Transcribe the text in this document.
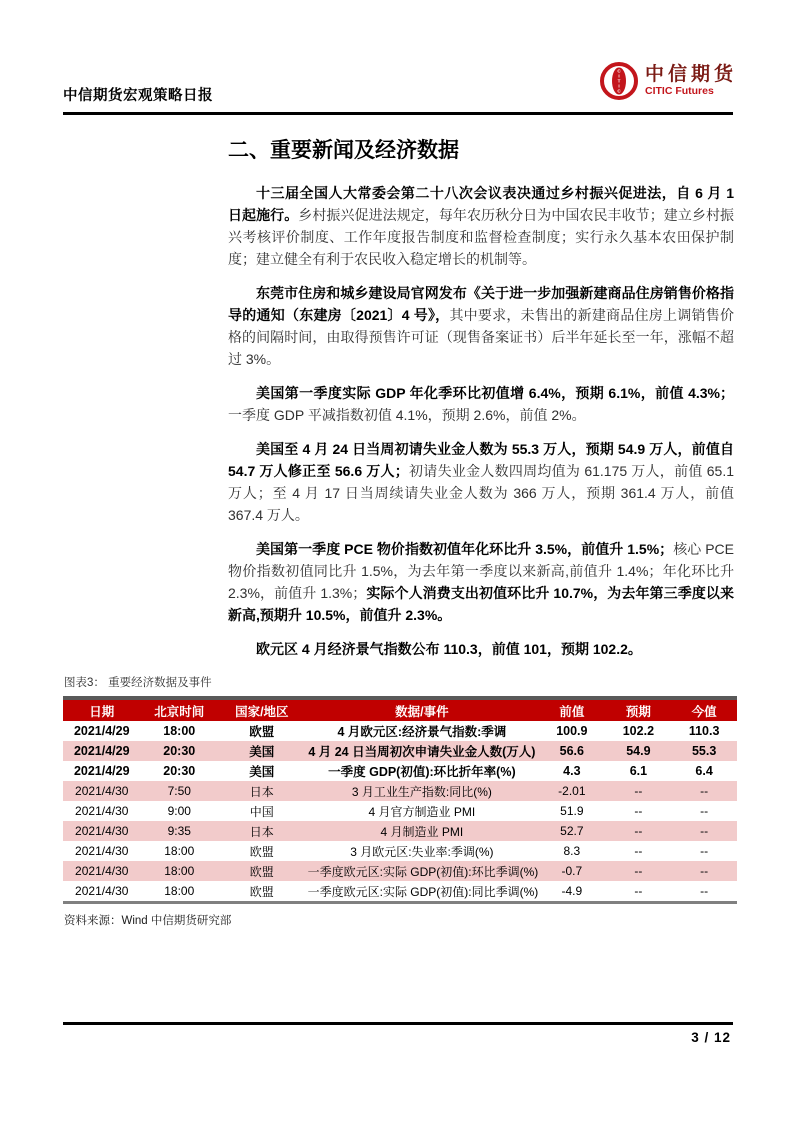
中信期货宏观策略日报
C
I
T
I
C
中信期货
CITIC Futures
二、重要新闻及经济数据

十三届全国人大常委会第二十八次会议表决通过乡村振兴促进法，自 6 月 1 日起施行。乡村振兴促进法规定，每年农历秋分日为中国农民丰收节；建立乡村振兴考核评价制度、工作年度报告制度和监督检查制度；实行永久基本农田保护制度；建立健全有利于农民收入稳定增长的机制等。

东莞市住房和城乡建设局官网发布《关于进一步加强新建商品住房销售价格指导的通知（东建房〔2021〕4 号》，其中要求，未售出的新建商品住房上调销售价格的间隔时间，由取得预售许可证（现售备案证书）后半年延长至一年，涨幅不超过 3%。

美国第一季度实际 GDP 年化季环比初值增 6.4%，预期 6.1%，前值 4.3%；一季度 GDP 平减指数初值 4.1%，预期 2.6%，前值 2%。

美国至 4 月 24 日当周初请失业金人数为 55.3 万人，预期 54.9 万人，前值自 54.7 万人修正至 56.6 万人；初请失业金人数四周均值为 61.175 万人，前值 65.1 万人；至 4 月 17 日当周续请失业金人数为 366 万人，预期 361.4 万人，前值 367.4 万人。

美国第一季度 PCE 物价指数初值年化环比升 3.5%，前值升 1.5%；核心 PCE 物价指数初值同比升 1.5%，为去年第一季度以来新高,前值升 1.4%；年化环比升 2.3%，前值升 1.3%；实际个人消费支出初值环比升 10.7%，为去年第三季度以来新高,预期升 10.5%，前值升 2.3%。

欧元区 4 月经济景气指数公布 110.3，前值 101，预期 102.2。

图表3： 重要经济数据及事件
日期	北京时间	国家/地区	数据/事件	前值	预期	今值
2021/4/29	18:00	欧盟	4 月欧元区:经济景气指数:季调	100.9	102.2	110.3
2021/4/29	20:30	美国	4 月 24 日当周初次申请失业金人数(万人)	56.6	54.9	55.3
2021/4/29	20:30	美国	一季度 GDP(初值):环比折年率(%)	4.3	6.1	6.4
2021/4/30	7:50	日本	3 月工业生产指数:同比(%)	-2.01	--	--
2021/4/30	9:00	中国	4 月官方制造业 PMI	51.9	--	--
2021/4/30	9:35	日本	4 月制造业 PMI	52.7	--	--
2021/4/30	18:00	欧盟	3 月欧元区:失业率:季调(%)	8.3	--	--
2021/4/30	18:00	欧盟	一季度欧元区:实际 GDP(初值):环比季调(%)	-0.7	--	--
2021/4/30	18:00	欧盟	一季度欧元区:实际 GDP(初值):同比季调(%)	-4.9	--	--
资料来源：Wind 中信期货研究部
3 / 12
